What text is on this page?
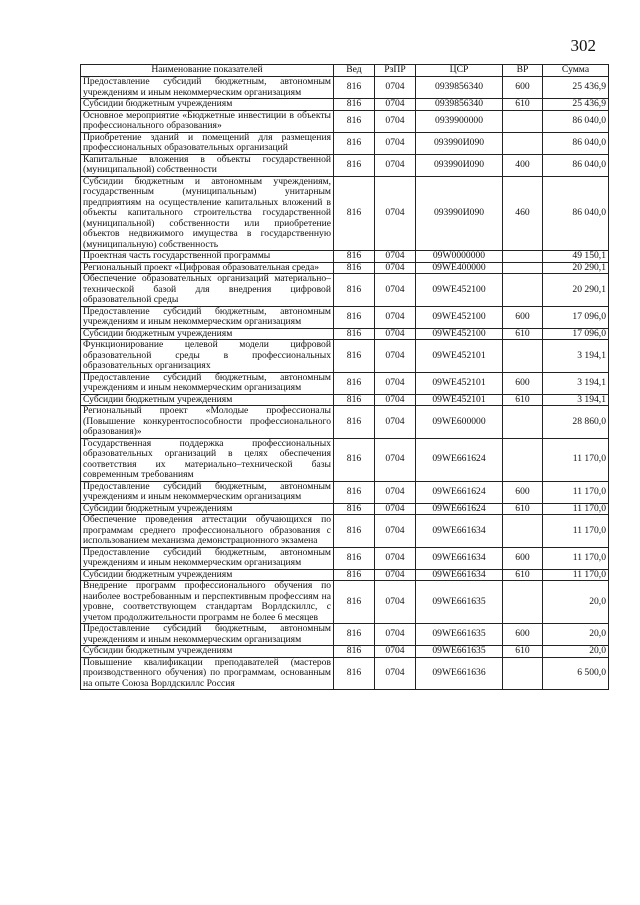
302
Наименование показателей	Вед	РзПР	ЦСР	ВР	Сумма
Предоставление субсидий бюджетным, автономным учреждениям и иным некоммерческим организациям	816	0704	0939856340	600	25 436,9
Субсидии бюджетным учреждениям	816	0704	0939856340	610	25 436,9
Основное мероприятие «Бюджетные инвестиции в объекты профессионального образования»	816	0704	0939900000		86 040,0
Приобретение зданий и помещений для размещения профессиональных образовательных организаций	816	0704	093990И090		86 040,0
Капитальные вложения в объекты государственной (муниципальной) собственности	816	0704	093990И090	400	86 040,0
Субсидии бюджетным и автономным учреждениям, государственным (муниципальным) унитарным предприятиям на осуществление капитальных вложений в объекты капитального строительства государственной (муниципальной) собственности или приобретение объектов недвижимого имущества в государственную (муниципальную) собственность	816	0704	093990И090	460	86 040,0
Проектная часть государственной программы	816	0704	09W0000000		49 150,1
Региональный проект «Цифровая образовательная среда»	816	0704	09WE400000		20 290,1
Обеспечение образовательных организаций материально–технической базой для внедрения цифровой образовательной среды	816	0704	09WE452100		20 290,1
Предоставление субсидий бюджетным, автономным учреждениям и иным некоммерческим организациям	816	0704	09WE452100	600	17 096,0
Субсидии бюджетным учреждениям	816	0704	09WE452100	610	17 096,0
Функционирование целевой модели цифровой образовательной среды в профессиональных образовательных организациях	816	0704	09WE452101		3 194,1
Предоставление субсидий бюджетным, автономным учреждениям и иным некоммерческим организациям	816	0704	09WE452101	600	3 194,1
Субсидии бюджетным учреждениям	816	0704	09WE452101	610	3 194,1
Региональный проект «Молодые профессионалы (Повышение конкурентоспособности профессионального образования)»	816	0704	09WE600000		28 860,0
Государственная поддержка профессиональных образовательных организаций в целях обеспечения соответствия их материально–технической базы современным требованиям	816	0704	09WE661624		11 170,0
Предоставление субсидий бюджетным, автономным учреждениям и иным некоммерческим организациям	816	0704	09WE661624	600	11 170,0
Субсидии бюджетным учреждениям	816	0704	09WE661624	610	11 170,0
Обеспечение проведения аттестации обучающихся по программам среднего профессионального образования с использованием механизма демонстрационного экзамена	816	0704	09WE661634		11 170,0
Предоставление субсидий бюджетным, автономным учреждениям и иным некоммерческим организациям	816	0704	09WE661634	600	11 170,0
Субсидии бюджетным учреждениям	816	0704	09WE661634	610	11 170,0
Внедрение программ профессионального обучения по наиболее востребованным и перспективным профессиям на уровне, соответствующем стандартам Ворлдскиллс, с учетом продолжительности программ не более 6 месяцев	816	0704	09WE661635		20,0
Предоставление субсидий бюджетным, автономным учреждениям и иным некоммерческим организациям	816	0704	09WE661635	600	20,0
Субсидии бюджетным учреждениям	816	0704	09WE661635	610	20,0
Повышение квалификации преподавателей (мастеров производственного обучения) по программам, основанным на опыте Союза Ворлдскиллс Россия	816	0704	09WE661636		6 500,0
